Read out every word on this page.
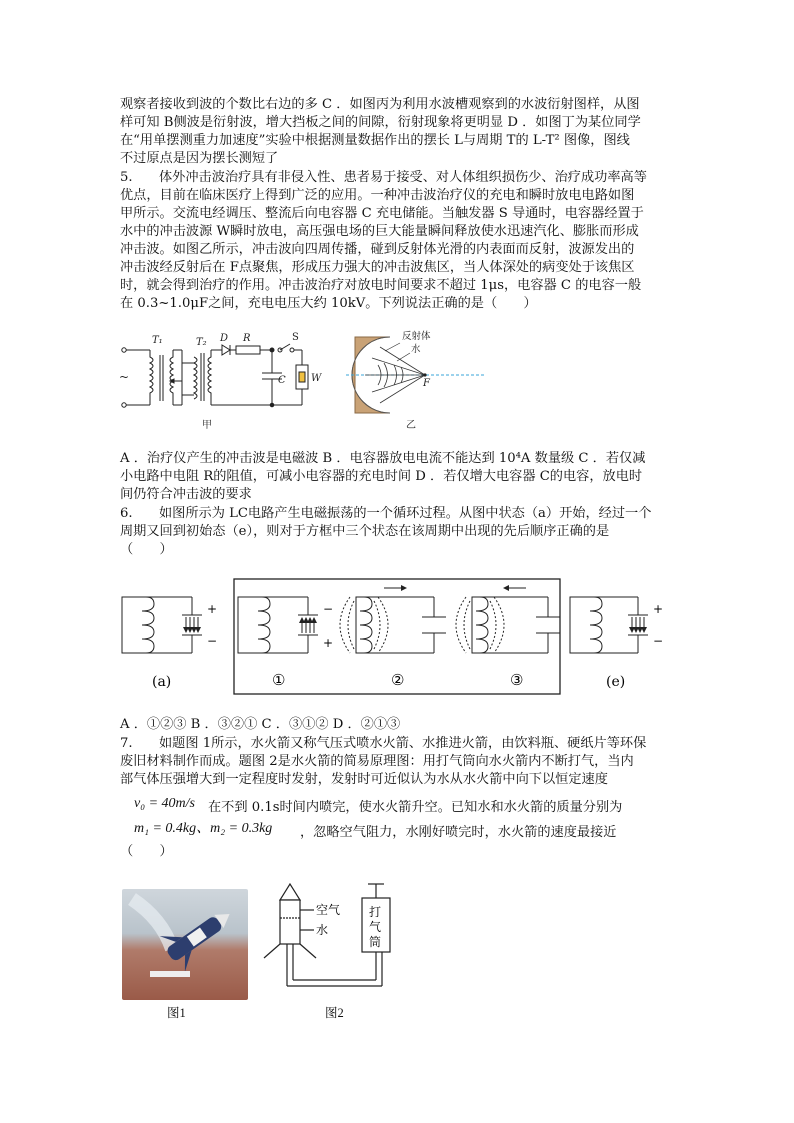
观察者接收到波的个数比右边的多 C ．如图丙为利用水波槽观察到的水波衍射图样，从图
样可知 B侧波是衍射波，增大挡板之间的间隙，衍射现象将更明显 D ．如图丁为某位同学
在“用单摆测重力加速度”实验中根据测量数据作出的摆长 L与周期 T的 L-T² 图像，图线
不过原点是因为摆长测短了
5.　　体外冲击波治疗具有非侵入性、患者易于接受、对人体组织损伤少、治疗成功率高等
优点，目前在临床医疗上得到广泛的应用。一种冲击波治疗仪的充电和瞬时放电电路如图
甲所示。交流电经调压、整流后向电容器 C 充电储能。当触发器 S 导通时，电容器经置于
水中的冲击波源 W瞬时放电，高压强电场的巨大能量瞬间释放使水迅速汽化、膨胀而形成
冲击波。如图乙所示，冲击波向四周传播，碰到反射体光滑的内表面而反射，波源发出的
冲击波经反射后在 F点聚焦，形成压力强大的冲击波焦区，当人体深处的病变处于该焦区
时，就会得到治疗的作用。冲击波治疗对放电时间要求不超过 1μs，电容器 C 的电容一般
在 0.3~1.0μF之间，充电电压大约 10kV。下列说法正确的是（　　）
T₁	T₂ D R	S
C	W
~
甲
反射体
水
F
乙
A ．治疗仪产生的冲击波是电磁波 B ．电容器放电电流不能达到 10⁴A 数量级 C ．若仅减
小电路中电阻 R的阻值，可减小电容器的充电时间 D ．若仅增大电容器 C的电容，放电时
间仍符合冲击波的要求
6.　　如图所示为 LC电路产生电磁振荡的一个循环过程。从图中状态（a）开始，经过一个
周期又回到初始态（e），则对于方框中三个状态在该周期中出现的先后顺序正确的是
（　　）
+
−
(a)
−
+
①	②	③
+
−
(e)
A ．①②③ B ．③②① C ．③①② D ．②①③
7.　　如题图 1所示，水火箭又称气压式喷水火箭、水推进火箭，由饮料瓶、硬纸片等环保
废旧材料制作而成。题图 2是水火箭的简易原理图：用打气筒向水火箭内不断打气，当内
部气体压强增大到一定程度时发射，发射时可近似认为水从水火箭中向下以恒定速度
v₀ = 40m/s 在不到 0.1s时间内喷完，使水火箭升空。已知水和水火箭的质量分别为
m₁ = 0.4kg、m₂ = 0.3kg ，忽略空气阻力，水刚好喷完时，水火箭的速度最接近
（　　）
图1
空气
水
打
气
筒
图2
